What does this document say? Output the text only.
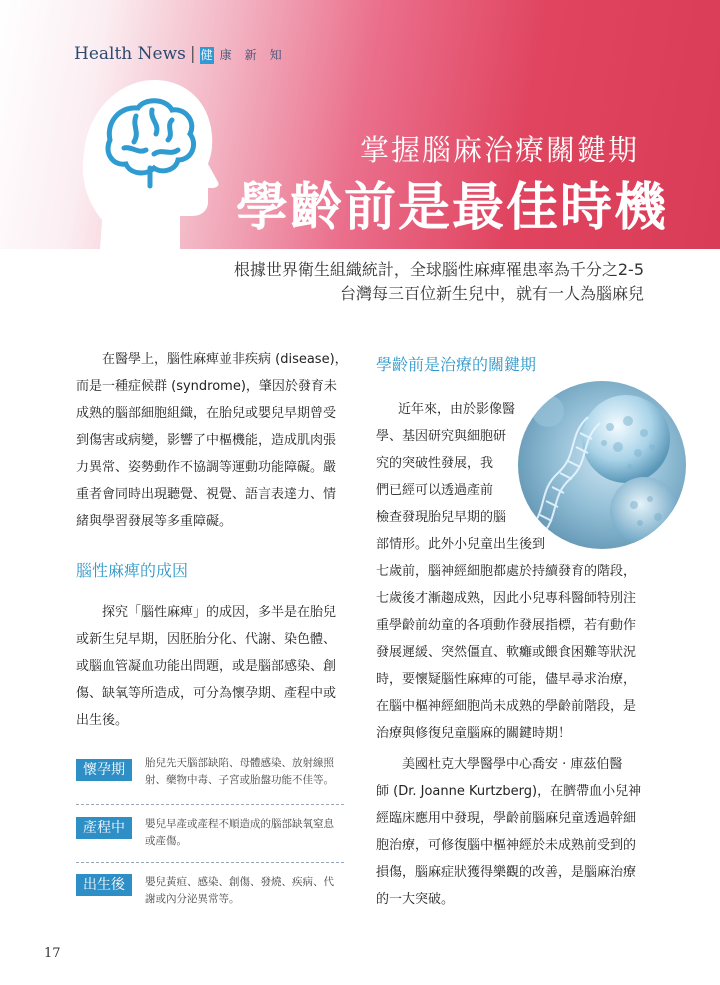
Health News | 健 康新知
掌握腦麻治療關鍵期
學齡前是最佳時機
根據世界衛生組織統計，全球腦性麻痺罹患率為千分之2-5
台灣每三百位新生兒中，就有一人為腦麻兒
在醫學上，腦性麻痺並非疾病 (disease)，
而是一種症候群 (syndrome)，肇因於發育未
成熟的腦部細胞組織，在胎兒或嬰兒早期曾受
到傷害或病變，影響了中樞機能，造成肌肉張
力異常、姿勢動作不協調等運動功能障礙。嚴
重者會同時出現聽覺、視覺、語言表達力、情
緒與學習發展等多重障礙。
腦性麻痺的成因
探究「腦性麻痺」的成因，多半是在胎兒
或新生兒早期，因胚胎分化、代謝、染色體、
或腦血管凝血功能出問題，或是腦部感染、創
傷、缺氧等所造成，可分為懷孕期、產程中或
出生後。
懷孕期	胎兒先天腦部缺陷、母體感染、放射線照
射、藥物中毒、子宮或胎盤功能不佳等。
產程中	嬰兒早產或產程不順造成的腦部缺氧窒息
或產傷。
出生後	嬰兒黃疸、感染、創傷、發燒、疾病、代
謝或內分泌異常等。
學齡前是治療的關鍵期
近年來，由於影像醫
學、基因研究與細胞研
究的突破性發展，我
們已經可以透過產前
檢查發現胎兒早期的腦
部情形。此外小兒童出生後到
七歲前，腦神經細胞都處於持續發育的階段，
七歲後才漸趨成熟，因此小兒專科醫師特別注
重學齡前幼童的各項動作發展指標，若有動作
發展遲緩、突然僵直、軟癱或餵食困難等狀況
時，要懷疑腦性麻痺的可能，儘早尋求治療，
在腦中樞神經細胞尚未成熟的學齡前階段，是
治療與修復兒童腦麻的關鍵時期！
美國杜克大學醫學中心喬安 · 庫茲伯醫
師 (Dr. Joanne Kurtzberg)，在臍帶血小兒神
經臨床應用中發現，學齡前腦麻兒童透過幹細
胞治療，可修復腦中樞神經於未成熟前受到的
損傷，腦麻症狀獲得樂觀的改善，是腦麻治療
的一大突破。
17
